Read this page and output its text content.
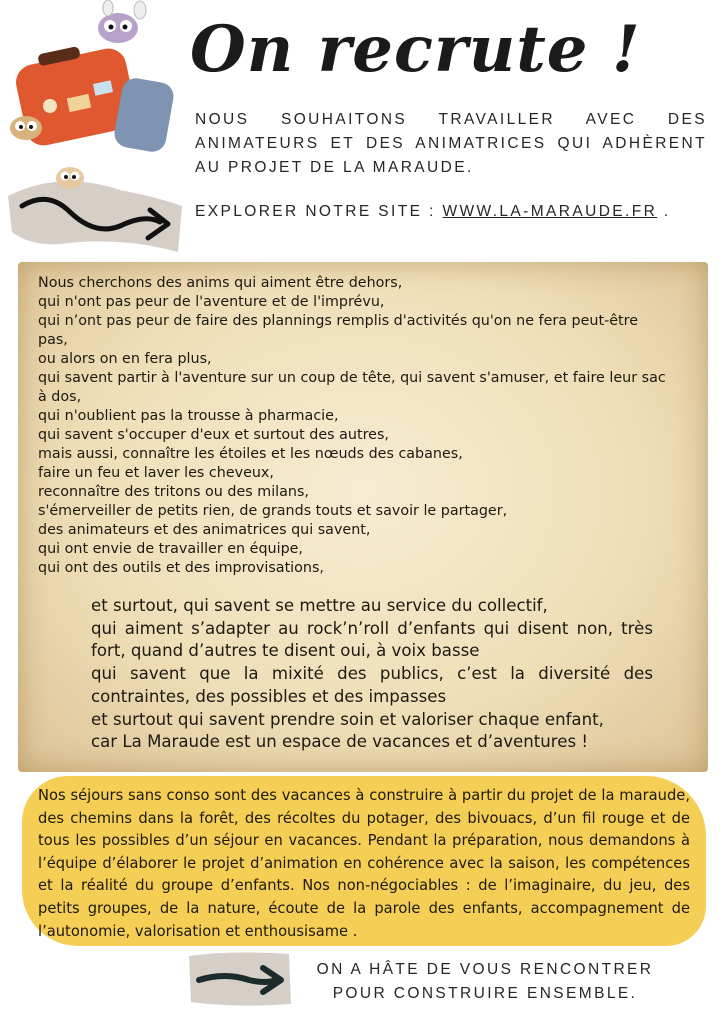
On recrute !

NOUS SOUHAITONS TRAVAILLER AVEC DES ANIMATEURS ET DES ANIMATRICES QUI ADHÈRENT AU PROJET DE LA MARAUDE.

EXPLORER NOTRE SITE : WWW.LA-MARAUDE.FR .

Nous cherchons des anims qui aiment être dehors,

qui n'ont pas peur de l'aventure et de l'imprévu,

qui n’ont pas peur de faire des plannings remplis d'activités qu'on ne fera peut-être pas,

ou alors on en fera plus,

qui savent partir à l'aventure sur un coup de tête, qui savent s'amuser, et faire leur sac à dos,

qui n'oublient pas la trousse à pharmacie,

qui savent s'occuper d'eux et surtout des autres,

mais aussi, connaître les étoiles et les nœuds des cabanes,

faire un feu et laver les cheveux,

reconnaître des tritons ou des milans,

s'émerveiller de petits rien, de grands touts et savoir le partager,

des animateurs et des animatrices qui savent,

qui ont envie de travailler en équipe,

qui ont des outils et des improvisations,

et surtout, qui savent se mettre au service du collectif,

qui aiment s’adapter au rock’n’roll d’enfants qui disent non, très fort, quand d’autres te disent oui, à voix basse

qui savent que la mixité des publics, c’est la diversité des contraintes, des possibles et des impasses

et surtout qui savent prendre soin et valoriser chaque enfant,

car La Maraude est un espace de vacances et d’aventures !

Nos séjours sans conso sont des vacances à construire à partir du projet de la maraude, des chemins dans la forêt, des récoltes du potager, des bivouacs, d’un fil rouge et de tous les possibles d’un séjour en vacances. Pendant la préparation, nous demandons à l’équipe d’élaborer le projet d’animation en cohérence avec la saison, les compétences et la réalité du groupe d’enfants. Nos non-négociables : de l’imaginaire, du jeu, des petits groupes, de la nature, écoute de la parole des enfants, accompagnement de l’autonomie, valorisation et enthousisame .

ON A HÂTE DE VOUS RENCONTRER
POUR CONSTRUIRE ENSEMBLE.
